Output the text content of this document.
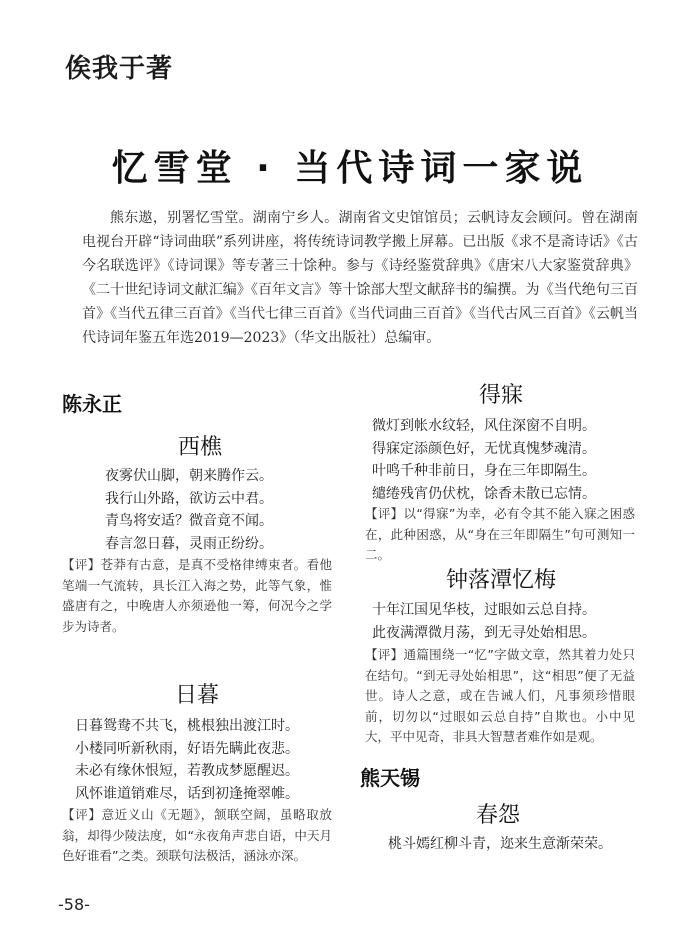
俟我于著
忆雪堂 · 当代诗词一家说
熊东遨，别署忆雪堂。湖南宁乡人。湖南省文史馆馆员；云帆诗友会顾问。曾在湖南电视台开辟“诗词曲联”系列讲座，将传统诗词教学搬上屏幕。已出版《求不是斋诗话》《古今名联选评》《诗词课》等专著三十馀种。参与《诗经鉴赏辞典》《唐宋八大家鉴赏辞典》《二十世纪诗词文献汇编》《百年文言》等十馀部大型文献辞书的编撰。为《当代绝句三百首》《当代五律三百首》《当代七律三百首》《当代词曲三百首》《当代古风三百首》《云帆当代诗词年鉴五年选2019—2023》（华文出版社）总编审。
陈永正
西樵
夜雾伏山脚，朝来腾作云。
我行山外路，欲访云中君。
青鸟将安适？微音竟不闻。
春言忽日暮，灵雨正纷纷。
【评】苍莽有古意，是真不受格律缚束者。看他笔端一气流转，具长江入海之势，此等气象，惟盛唐有之，中晚唐人亦须逊他一筹，何况今之学步为诗者。
日暮
日暮鸳鸯不共飞，桃根独出渡江时。
小楼同听新秋雨，好语先瞒此夜悲。
未必有缘休恨短，若教成梦愿醒迟。
风怀谁道销难尽，话到初逢掩翠帷。
【评】意近义山《无题》，颔联空阔，虽略取放翁，却得少陵法度，如“永夜角声悲自语，中天月色好谁看”之类。颈联句法极活，涵泳亦深。
得寐
微灯到帐水纹轻，风住深窗不自明。
得寐定添颜色好，无忧真愧梦魂清。
叶鸣千种非前日，身在三年即隔生。
缱绻残宵仍伏枕，馀香未散已忘情。
【评】以“得寐”为幸，必有令其不能入寐之困惑在，此种困惑，从“身在三年即隔生”句可测知一二。
钟落潭忆梅
十年江国见华枝，过眼如云总自持。
此夜满潭微月荡，到无寻处始相思。
【评】通篇围绕一“忆”字做文章，然其着力处只在结句。“到无寻处始相思”，这“相思”便了无益世。诗人之意，或在告诫人们，凡事须珍惜眼前，切勿以“过眼如云总自持”自欺也。小中见大，平中见奇，非具大智慧者难作如是观。
熊天锡
春怨
桃斗嫣红柳斗青，迩来生意渐荣荣。
-58-
